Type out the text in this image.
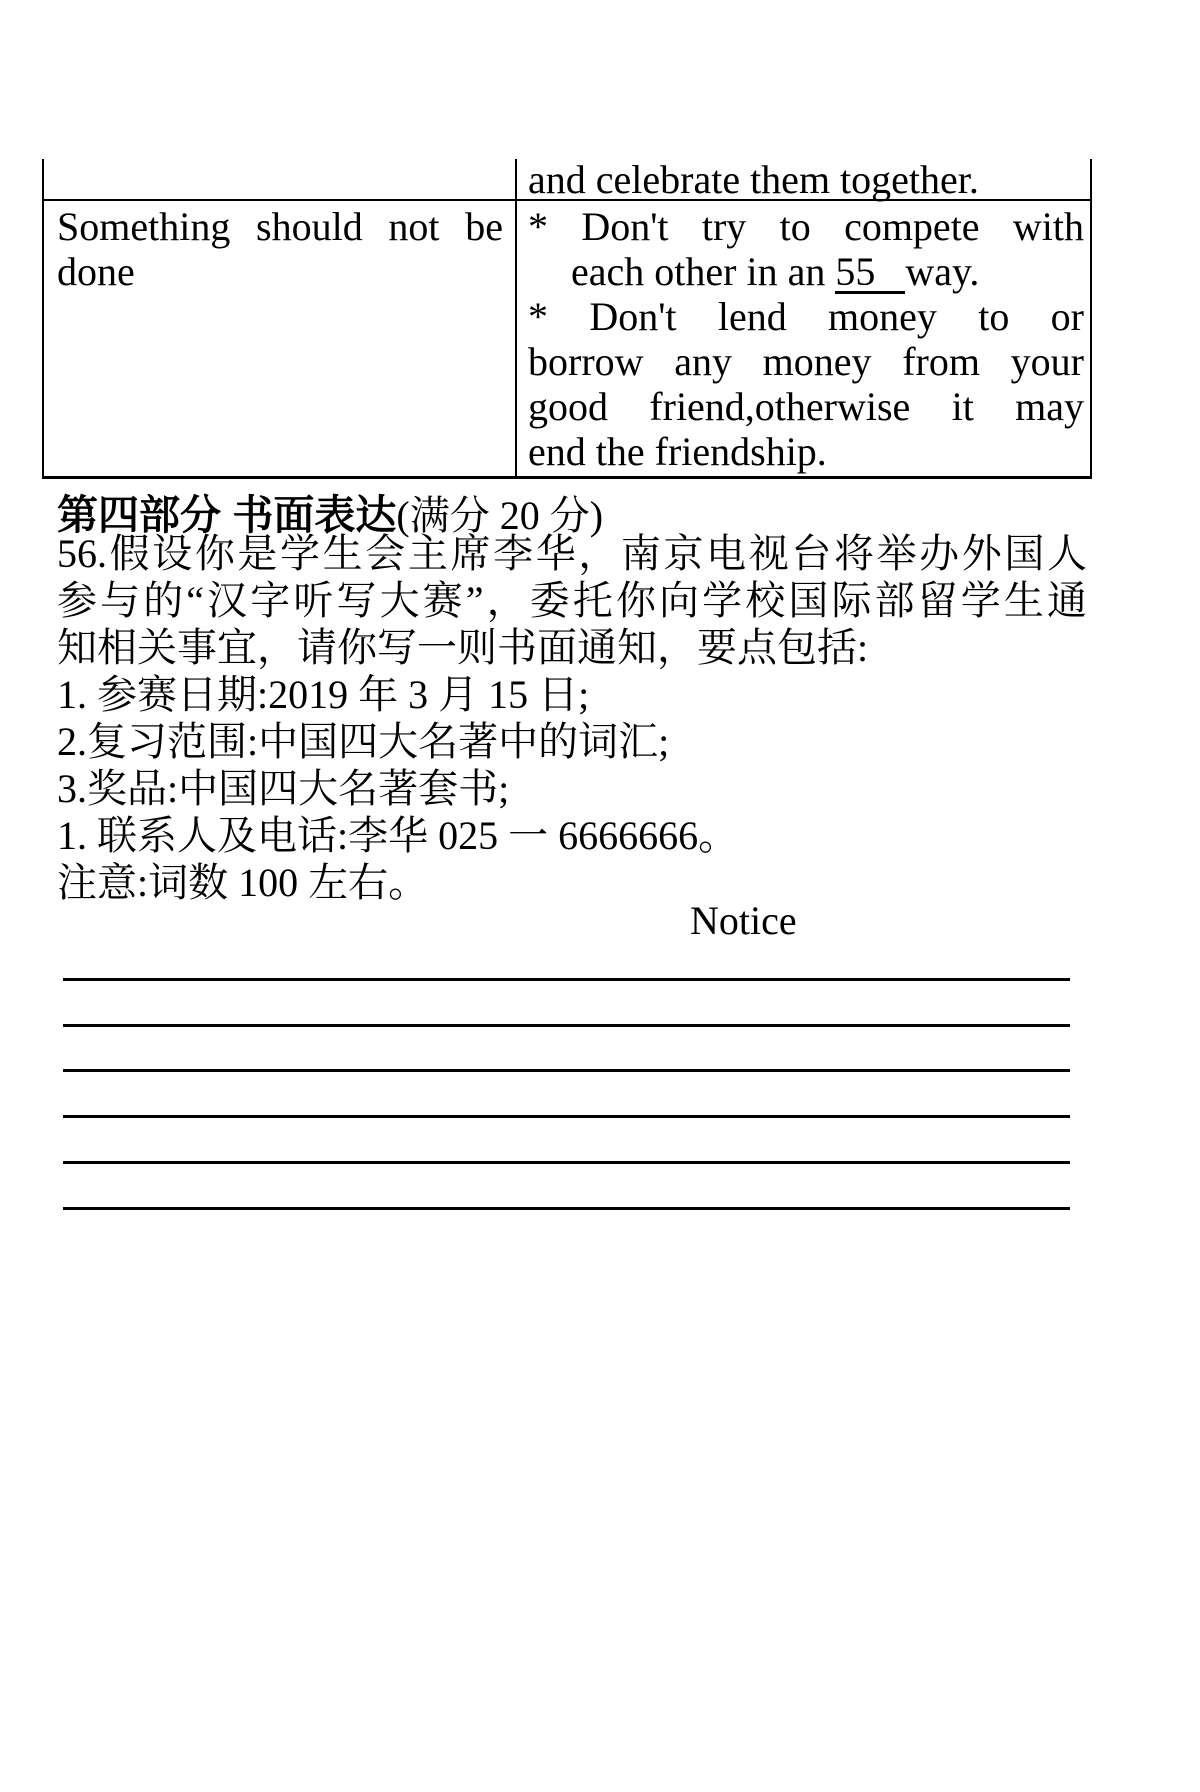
and celebrate them together.
Something should not be
done
* Don't try to compete with
each other in an 55 way.
* Don't lend money to or
borrow any money from your
good friend,otherwise it may
end the friendship.
第四部分 书面表达(满分 20 分)
56.假设你是学生会主席李华，南京电视台将举办外国人
参与的“汉字听写大赛”，委托你向学校国际部留学生通
知相关事宜，请你写一则书面通知，要点包括:
1. 参赛日期:2019 年 3 月 15 日;
2.复习范围:中国四大名著中的词汇;
3.奖品:中国四大名著套书;
1. 联系人及电话:李华 025 一 6666666。
注意:词数 100 左右。
Notice
